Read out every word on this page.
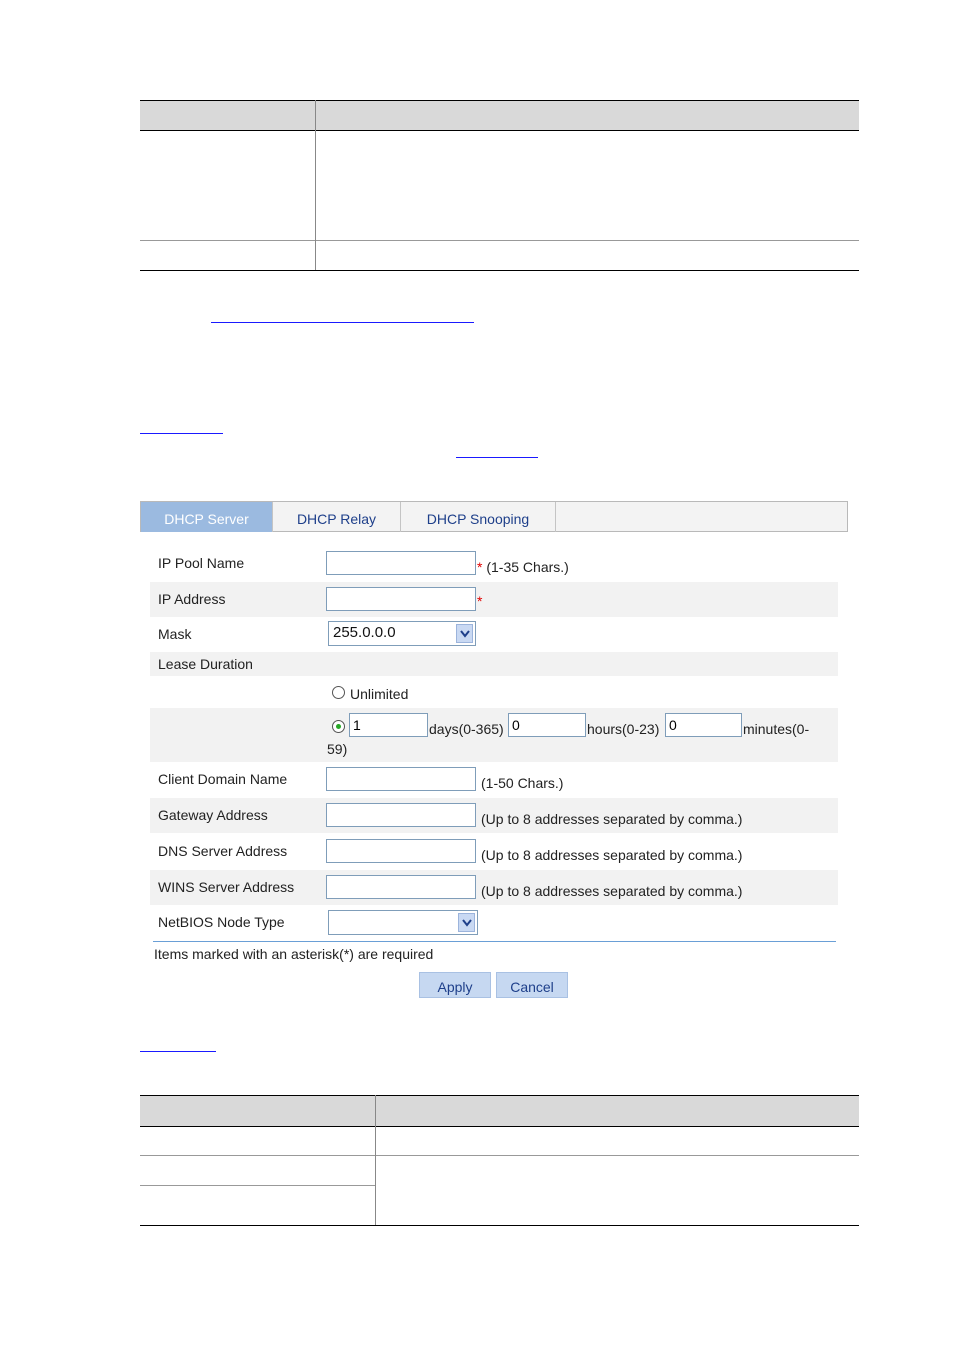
DHCP Server	DHCP Relay	DHCP Snooping
IP Pool Name	* (1-35 Chars.)
IP Address	*
Mask	255.0.0.0
Lease Duration
Unlimited
1
days(0-365)
0	hours(0-23)
0	minutes(0-
59)
Client Domain Name	(1-50 Chars.)
Gateway Address	(Up to 8 addresses separated by comma.)
DNS Server Address	(Up to 8 addresses separated by comma.)
WINS Server Address	(Up to 8 addresses separated by comma.)
NetBIOS Node Type
Items marked with an asterisk(*) are required
Apply	Cancel
